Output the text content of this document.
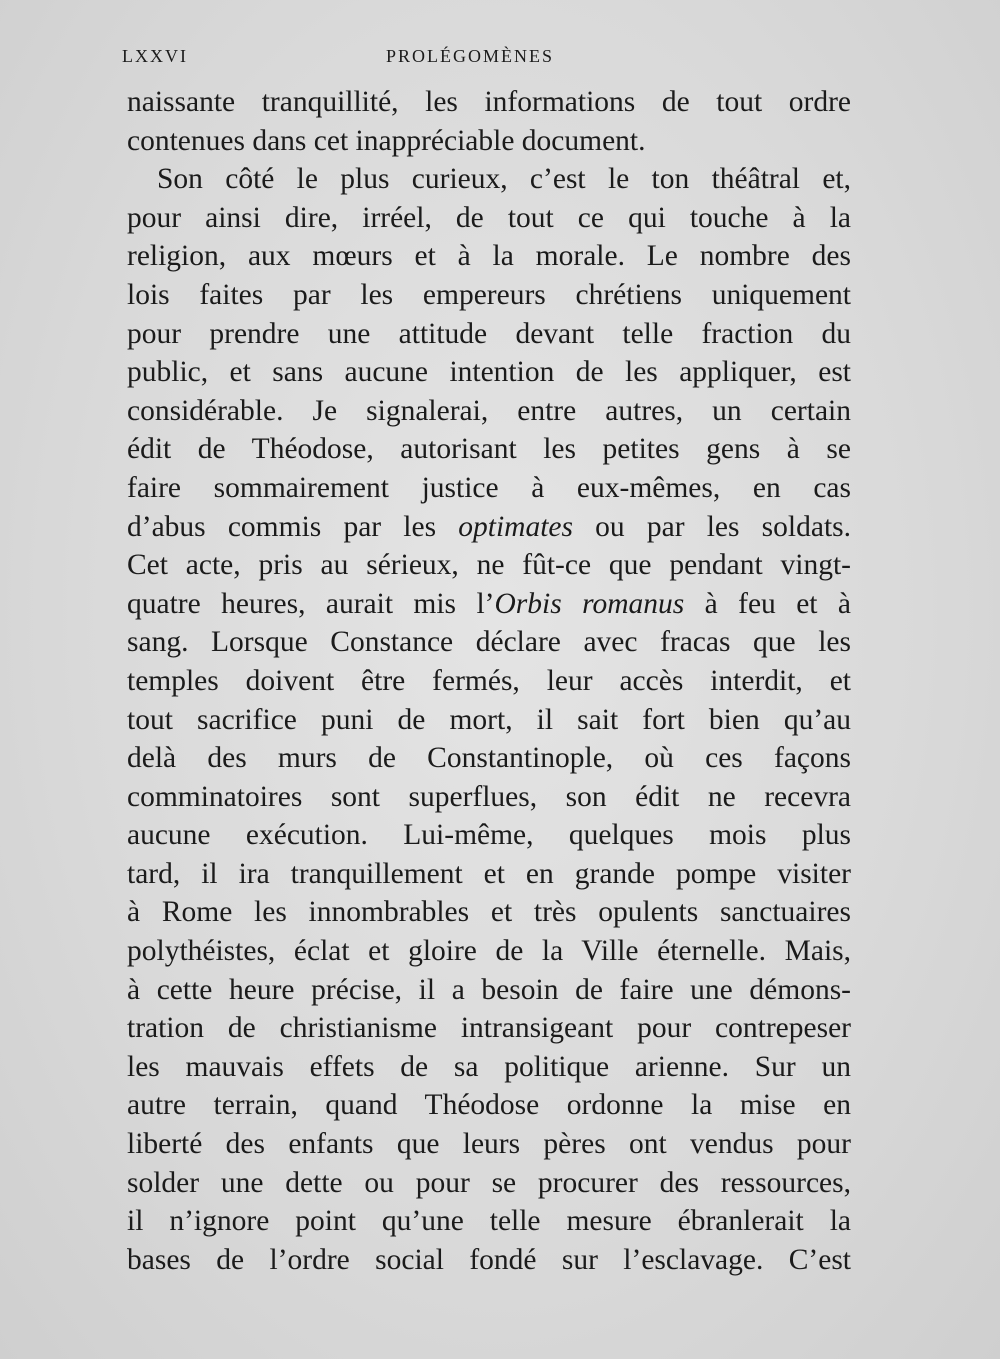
LXXVI	PROLÉGOMÈNES
naissante tranquillité, les informations de tout ordre
contenues dans cet inappréciable document.
Son côté le plus curieux, c’est le ton théâtral et,
pour ainsi dire, irréel, de tout ce qui touche à la
religion, aux mœurs et à la morale. Le nombre des
lois faites par les empereurs chrétiens uniquement
pour prendre une attitude devant telle fraction du
public, et sans aucune intention de les appliquer, est
considérable. Je signalerai, entre autres, un certain
édit de Théodose, autorisant les petites gens à se
faire sommairement justice à eux-mêmes, en cas
d’abus commis par les optimates ou par les soldats.
Cet acte, pris au sérieux, ne fût-ce que pendant vingt-
quatre heures, aurait mis l’Orbis romanus à feu et à
sang. Lorsque Constance déclare avec fracas que les
temples doivent être fermés, leur accès interdit, et
tout sacrifice puni de mort, il sait fort bien qu’au
delà des murs de Constantinople, où ces façons
comminatoires sont superflues, son édit ne recevra
aucune exécution. Lui-même, quelques mois plus
tard, il ira tranquillement et en grande pompe visiter
à Rome les innombrables et très opulents sanctuaires
polythéistes, éclat et gloire de la Ville éternelle. Mais,
à cette heure précise, il a besoin de faire une démons-
tration de christianisme intransigeant pour contrepeser
les mauvais effets de sa politique arienne. Sur un
autre terrain, quand Théodose ordonne la mise en
liberté des enfants que leurs pères ont vendus pour
solder une dette ou pour se procurer des ressources,
il n’ignore point qu’une telle mesure ébranlerait la
bases de l’ordre social fondé sur l’esclavage. C’est
